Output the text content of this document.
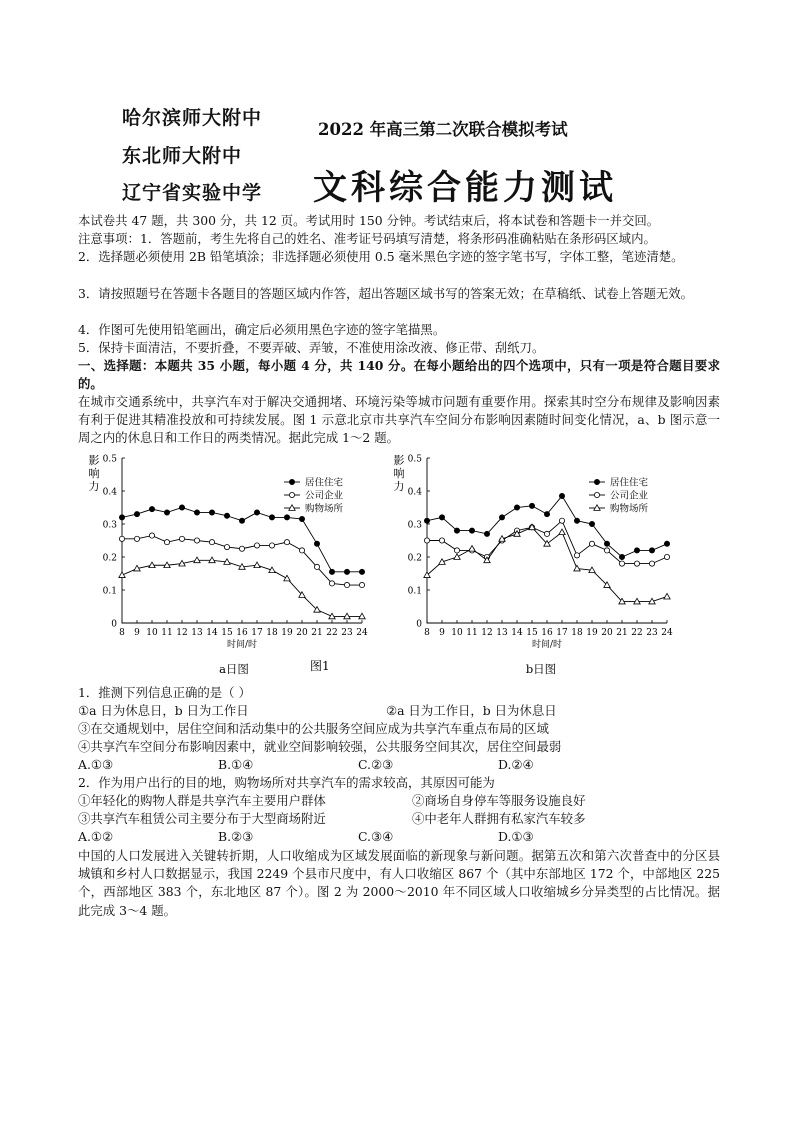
哈尔滨师大附中
东北师大附中
辽宁省实验中学
2022 年高三第二次联合模拟考试
文科综合能力测试
本试卷共 47 题，共 300 分，共 12 页。考试用时 150 分钟。考试结束后，将本试卷和答题卡一并交回。
注意事项：1．答题前，考生先将自己的姓名、准考证号码填写清楚，将条形码准确粘贴在条形码区域内。
2．选择题必须使用 2B 铅笔填涂；非选择题必须使用 0.5 毫米黑色字迹的签字笔书写，字体工整，笔迹清楚。
3．请按照题号在答题卡各题目的答题区域内作答，超出答题区域书写的答案无效；在草稿纸、试卷上答题无效。
4．作图可先使用铅笔画出，确定后必须用黑色字迹的签字笔描黑。
5．保持卡面清洁，不要折叠，不要弄破、弄皱，不准使用涂改液、修正带、刮纸刀。
一、选择题：本题共 35 小题，每小题 4 分，共 140 分。在每小题给出的四个选项中，只有一项是符合题目要求的。
在城市交通系统中，共享汽车对于解决交通拥堵、环境污染等城市问题有重要作用。探索其时空分布规律及影响因素有利于促进其精准投放和可持续发展。图 1 示意北京市共享汽车空间分布影响因素随时间变化情况，a、b 图示意一周之内的休息日和工作日的两类情况。据此完成 1～2 题。
0
0.1
0.2
0.3
0.4
0.5
8 9 10 11 12 13 14 15 16 17 18 19 20 21 22 23 24
时间/时
影响力	居住住宅
公司企业
购物场所
a日图
0
0.1
0.2
0.3
0.4
0.5
8 9 10 11 12 13 14 15 16 17 18 19 20 21 22 23 24
时间/时
影响力	居住住宅
公司企业
购物场所
b日图
图1
1．推测下列信息正确的是（ ）
①a 日为休息日，b 日为工作日	②a 日为工作日，b 日为休息日
③在交通规划中，居住空间和活动集中的公共服务空间应成为共享汽车重点布局的区域
④共享汽车空间分布影响因素中，就业空间影响较强，公共服务空间其次，居住空间最弱
A.①③	B.①④	C.②③	D.②④
2．作为用户出行的目的地，购物场所对共享汽车的需求较高，其原因可能为
①年轻化的购物人群是共享汽车主要用户群体	②商场自身停车等服务设施良好
③共享汽车租赁公司主要分布于大型商场附近	④中老年人群拥有私家汽车较多
A.①②	B.②③	C.③④	D.①③
中国的人口发展进入关键转折期，人口收缩成为区域发展面临的新现象与新问题。据第五次和第六次普查中的分区县城镇和乡村人口数据显示，我国 2249 个县市尺度中，有人口收缩区 867 个（其中东部地区 172 个，中部地区 225 个，西部地区 383 个，东北地区 87 个）。图 2 为 2000～2010 年不同区域人口收缩城乡分异类型的占比情况。据此完成 3～4 题。
